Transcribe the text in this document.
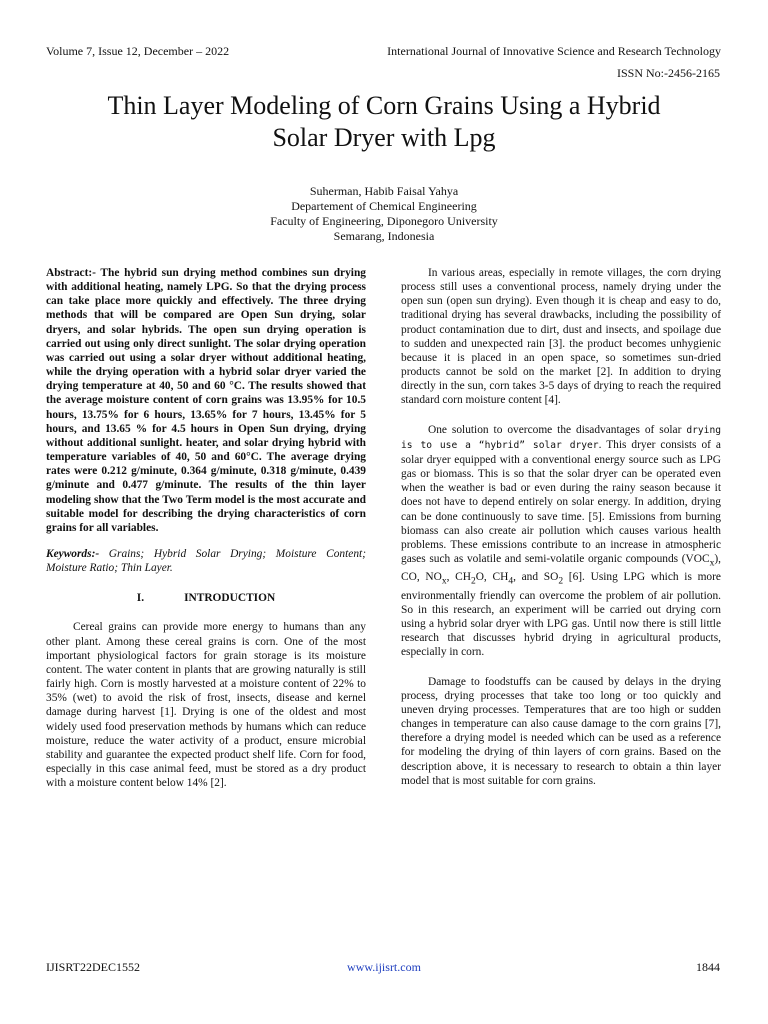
Volume 7, Issue 12, December – 2022	International Journal of Innovative Science and Research Technology
ISSN No:-2456-2165
Thin Layer Modeling of Corn Grains Using a Hybrid
Solar Dryer with Lpg
Suherman, Habib Faisal Yahya
Departement of Chemical Engineering
Faculty of Engineering, Diponegoro University
Semarang, Indonesia

Abstract:- The hybrid sun drying method combines sun drying with additional heating, namely LPG. So that the drying process can take place more quickly and effectively. The three drying methods that will be compared are Open Sun drying, solar dryers, and solar hybrids. The open sun drying operation is carried out using only direct sunlight. The solar drying operation was carried out using a solar dryer without additional heating, while the drying operation with a hybrid solar dryer varied the drying temperature at 40, 50 and 60 °C. The results showed that the average moisture content of corn grains was 13.95% for 10.5 hours, 13.75% for 6 hours, 13.65% for 7 hours, 13.45% for 5 hours, and 13.65 % for 4.5 hours in Open Sun drying, drying without additional sunlight. heater, and solar drying hybrid with temperature variables of 40, 50 and 60°C. The average drying rates were 0.212 g/minute, 0.364 g/minute, 0.318 g/minute, 0.439 g/minute and 0.477 g/minute. The results of the thin layer modeling show that the Two Term model is the most accurate and suitable model for describing the drying characteristics of corn grains for all variables.

Keywords:- Grains; Hybrid Solar Drying; Moisture Content; Moisture Ratio; Thin Layer.

I.	INTRODUCTION

Cereal grains can provide more energy to humans than any other plant. Among these cereal grains is corn. One of the most important physiological factors for grain storage is its moisture content. The water content in plants that are growing naturally is still fairly high. Corn is mostly harvested at a moisture content of 22% to 35% (wet) to avoid the risk of frost, insects, disease and kernel damage during harvest [1]. Drying is one of the oldest and most widely used food preservation methods by humans which can reduce moisture, reduce the water activity of a product, ensure microbial stability and guarantee the expected product shelf life. Corn for food, especially in this case animal feed, must be stored as a dry product with a moisture content below 14% [2].

In various areas, especially in remote villages, the corn drying process still uses a conventional process, namely drying under the open sun (open sun drying). Even though it is cheap and easy to do, traditional drying has several drawbacks, including the possibility of product contamination due to dirt, dust and insects, and spoilage due to sudden and unexpected rain [3]. the product becomes unhygienic because it is placed in an open space, so sometimes sun-dried products cannot be sold on the market [2]. In addition to drying directly in the sun, corn takes 3-5 days of drying to reach the required standard corn moisture content [4].

One solution to overcome the disadvantages of solar drying is to use a “hybrid” solar dryer. This dryer consists of a solar dryer equipped with a conventional energy source such as LPG gas or biomass. This is so that the solar dryer can be operated even when the weather is bad or even during the rainy season because it does not have to depend entirely on solar energy. In addition, drying can be done continuously to save time. [5]. Emissions from burning biomass can also create air pollution which causes various health problems. These emissions contribute to an increase in atmospheric gases such as volatile and semi-volatile organic compounds $(VOC_x)$, CO, $NO_x$, $CH_2O$, $CH_4$, and $SO_2$ [6]. Using LPG which is more environmentally friendly can overcome the problem of air pollution. So in this research, an experiment will be carried out drying corn using a hybrid solar dryer with LPG gas. Until now there is still little research that discusses hybrid drying in agricultural products, especially in corn.

Damage to foodstuffs can be caused by delays in the drying process, drying processes that take too long or too quickly and uneven drying processes. Temperatures that are too high or sudden changes in temperature can also cause damage to the corn grains [7], therefore a drying model is needed which can be used as a reference for modeling the drying of thin layers of corn grains. Based on the description above, it is necessary to research to obtain a thin layer model that is most suitable for corn grains.

IJISRT22DEC1552	www.ijisrt.com	1844
